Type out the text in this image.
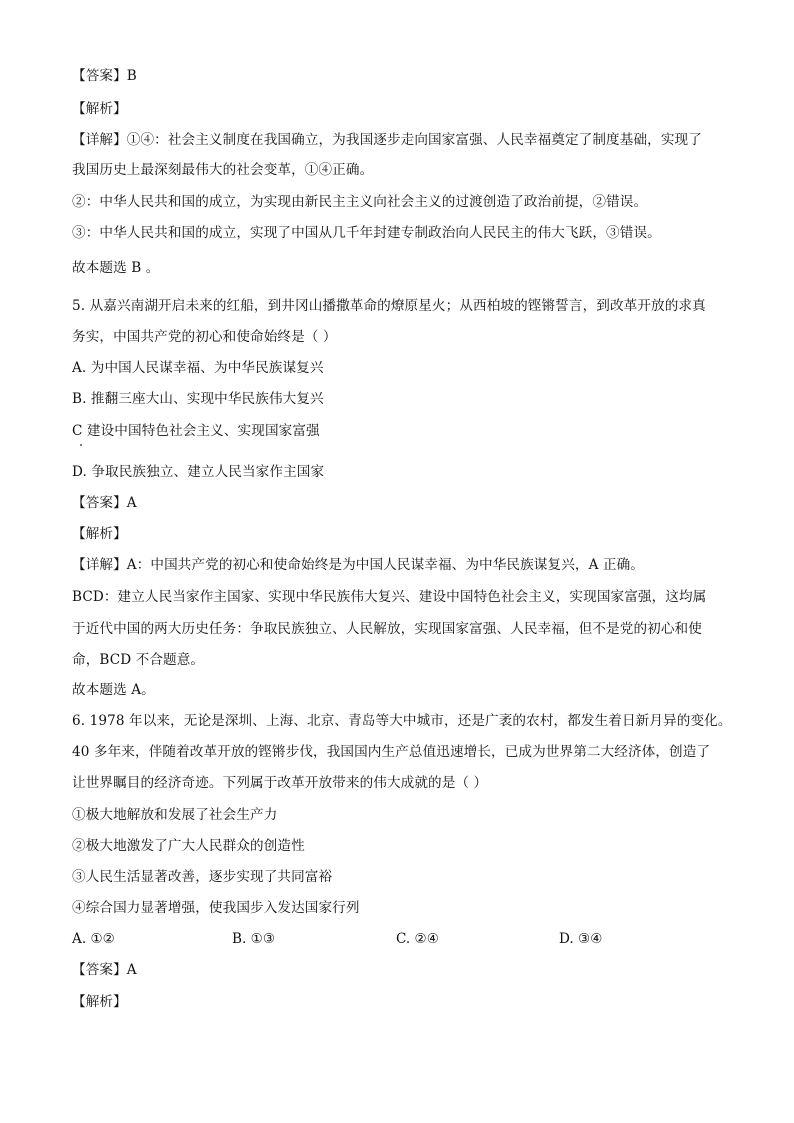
【答案】B
【解析】
【详解】①④：社会主义制度在我国确立，为我国逐步走向国家富强、人民幸福奠定了制度基础，实现了
我国历史上最深刻最伟大的社会变革，①④正确。
②：中华人民共和国的成立，为实现由新民主主义向社会主义的过渡创造了政治前提，②错误。
③：中华人民共和国的成立，实现了中国从几千年封建专制政治向人民民主的伟大飞跃，③错误。
故本题选 B 。
5. 从嘉兴南湖开启未来的红船，到井冈山播撒革命的燎原星火；从西柏坡的铿锵誓言，到改革开放的求真
务实，中国共产党的初心和使命始终是（ ）
A. 为中国人民谋幸福、为中华民族谋复兴
B. 推翻三座大山、实现中华民族伟大复兴
C 建设中国特色社会主义、实现国家富强
D. 争取民族独立、建立人民当家作主国家
【答案】A
【解析】
【详解】A：中国共产党的初心和使命始终是为中国人民谋幸福、为中华民族谋复兴，A 正确。
BCD：建立人民当家作主国家、实现中华民族伟大复兴、建设中国特色社会主义，实现国家富强，这均属
于近代中国的两大历史任务：争取民族独立、人民解放，实现国家富强、人民幸福，但不是党的初心和使
命，BCD 不合题意。
故本题选 A。
6. 1978 年以来，无论是深圳、上海、北京、青岛等大中城市，还是广袤的农村，都发生着日新月异的变化。
40 多年来，伴随着改革开放的铿锵步伐，我国国内生产总值迅速增长，已成为世界第二大经济体，创造了
让世界瞩目的经济奇迹。下列属于改革开放带来的伟大成就的是（ ）
①极大地解放和发展了社会生产力
②极大地激发了广大人民群众的创造性
③人民生活显著改善，逐步实现了共同富裕
④综合国力显著增强，使我国步入发达国家行列
A. ①②	B. ①③	C. ②④	D. ③④
【答案】A
【解析】
